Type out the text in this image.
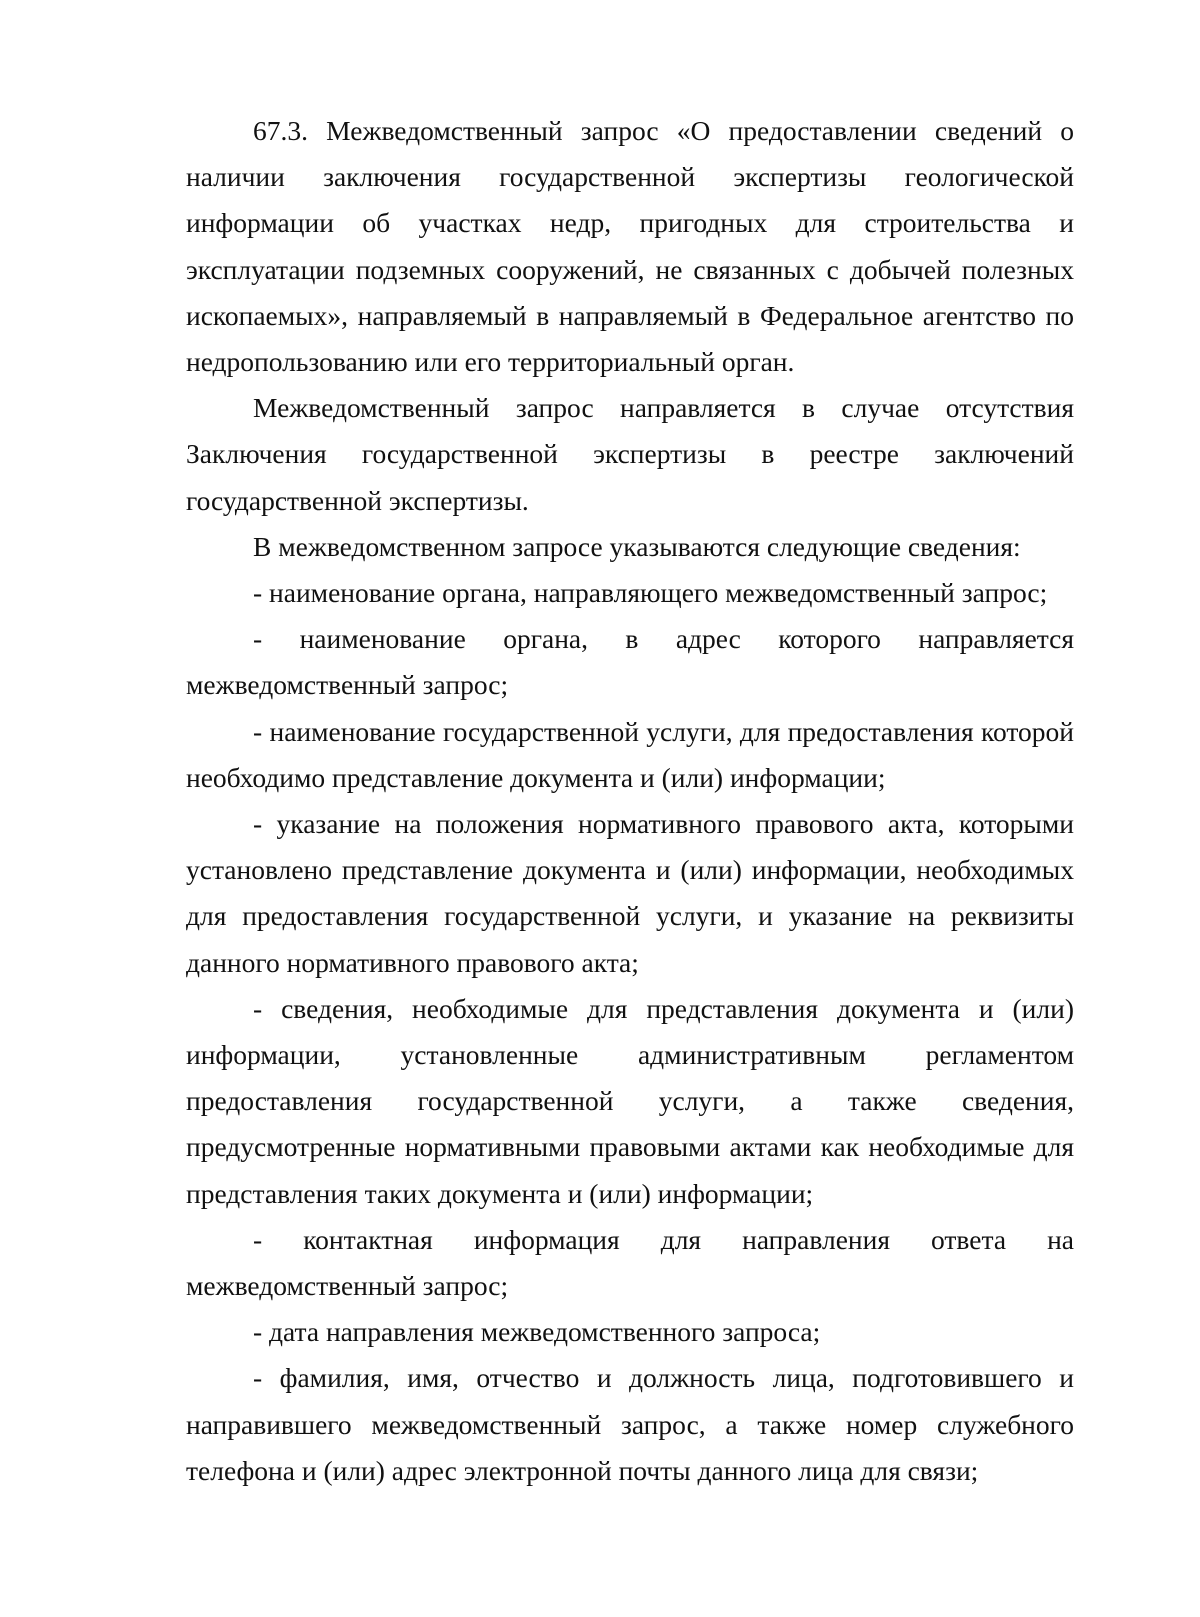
67.3. Межведомственный запрос «О предоставлении сведений о наличии заключения государственной экспертизы геологической информации об участках недр, пригодных для строительства и эксплуатации подземных сооружений, не связанных с добычей полезных ископаемых», направляемый в направляемый в Федеральное агентство по недропользованию или его территориальный орган.

Межведомственный запрос направляется в случае отсутствия Заключения государственной экспертизы в реестре заключений государственной экспертизы.

В межведомственном запросе указываются следующие сведения:

- наименование органа, направляющего межведомственный запрос;

- наименование органа, в адрес которого направляется межведомственный запрос;

- наименование государственной услуги, для предоставления которой необходимо представление документа и (или) информации;

- указание на положения нормативного правового акта, которыми установлено представление документа и (или) информации, необходимых для предоставления государственной услуги, и указание на реквизиты данного нормативного правового акта;

- сведения, необходимые для представления документа и (или) информации, установленные административным регламентом предоставления государственной услуги, а также сведения, предусмотренные нормативными правовыми актами как необходимые для представления таких документа и (или) информации;

- контактная информация для направления ответа на межведомственный запрос;

- дата направления межведомственного запроса;

- фамилия, имя, отчество и должность лица, подготовившего и направившего межведомственный запрос, а также номер служебного телефона и (или) адрес электронной почты данного лица для связи;
